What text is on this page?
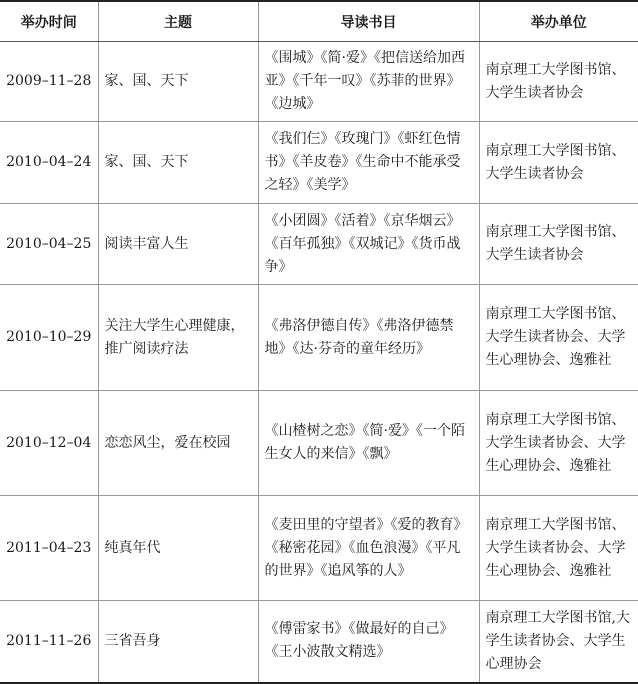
举办时间	主题	导读书目	举办单位
2009–11–28	家、国、天下	《围城》《简·爱》《把信送给加西亚》《千年一叹》《苏菲的世界》《边城》	南京理工大学图书馆、大学生读者协会
2010–04–24	家、国、天下	《我们仨》《玫瑰门》《虾红色情书》《羊皮卷》《生命中不能承受之轻》《美学》	南京理工大学图书馆、大学生读者协会
2010–04–25	阅读丰富人生	《小团圆》《活着》《京华烟云》《百年孤独》《双城记》《货币战争》	南京理工大学图书馆、大学生读者协会
2010–10–29	关注大学生心理健康，推广阅读疗法	《弗洛伊德自传》《弗洛伊德禁地》《达·芬奇的童年经历》	南京理工大学图书馆、大学生读者协会、大学生心理协会、逸雅社
2010–12–04	恋恋风尘，爱在校园	《山楂树之恋》《简·爱》《一个陌生女人的来信》《飘》	南京理工大学图书馆、大学生读者协会、大学生心理协会、逸雅社
2011–04–23	纯真年代	《麦田里的守望者》《爱的教育》《秘密花园》《血色浪漫》《平凡的世界》《追风筝的人》	南京理工大学图书馆、大学生读者协会、大学生心理协会、逸雅社
2011–11–26	三省吾身	《傅雷家书》《做最好的自己》《王小波散文精选》	南京理工大学图书馆,大学生读者协会、大学生心理协会
